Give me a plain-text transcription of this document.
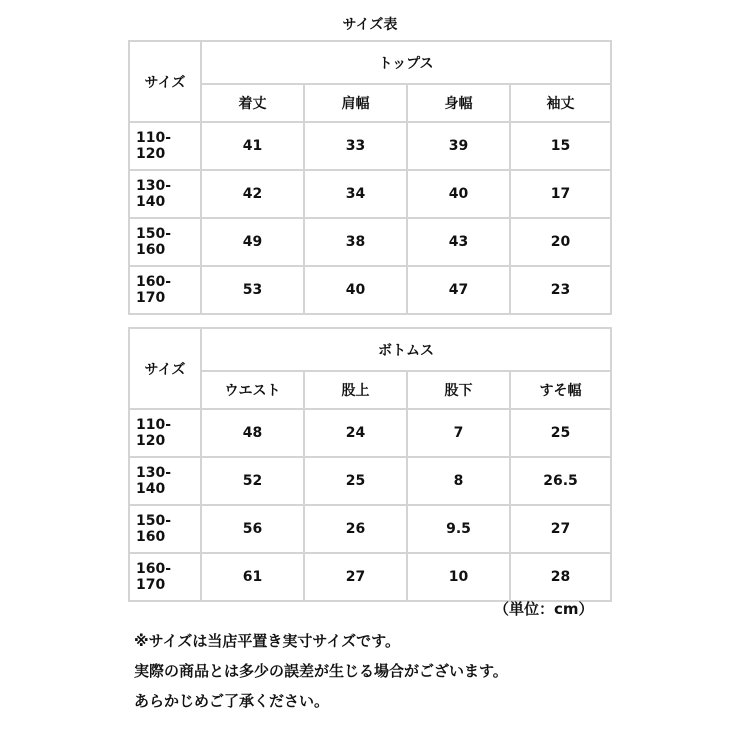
サイズ表
サイズ	トップス			
	着丈	肩幅	身幅	袖丈
110-120	41	33	39	15
130-140	42	34	40	17
150-160	49	38	43	20
160-170	53	40	47	23
サイズ	ボトムス			
	ウエスト	股上	股下	すそ幅
110-120	48	24	7	25
130-140	52	25	8	26.5
150-160	56	26	9.5	27
160-170	61	27	10	28
（単位：cm）
※サイズは当店平置き実寸サイズです。
実際の商品とは多少の誤差が生じる場合がございます。
あらかじめご了承ください。
